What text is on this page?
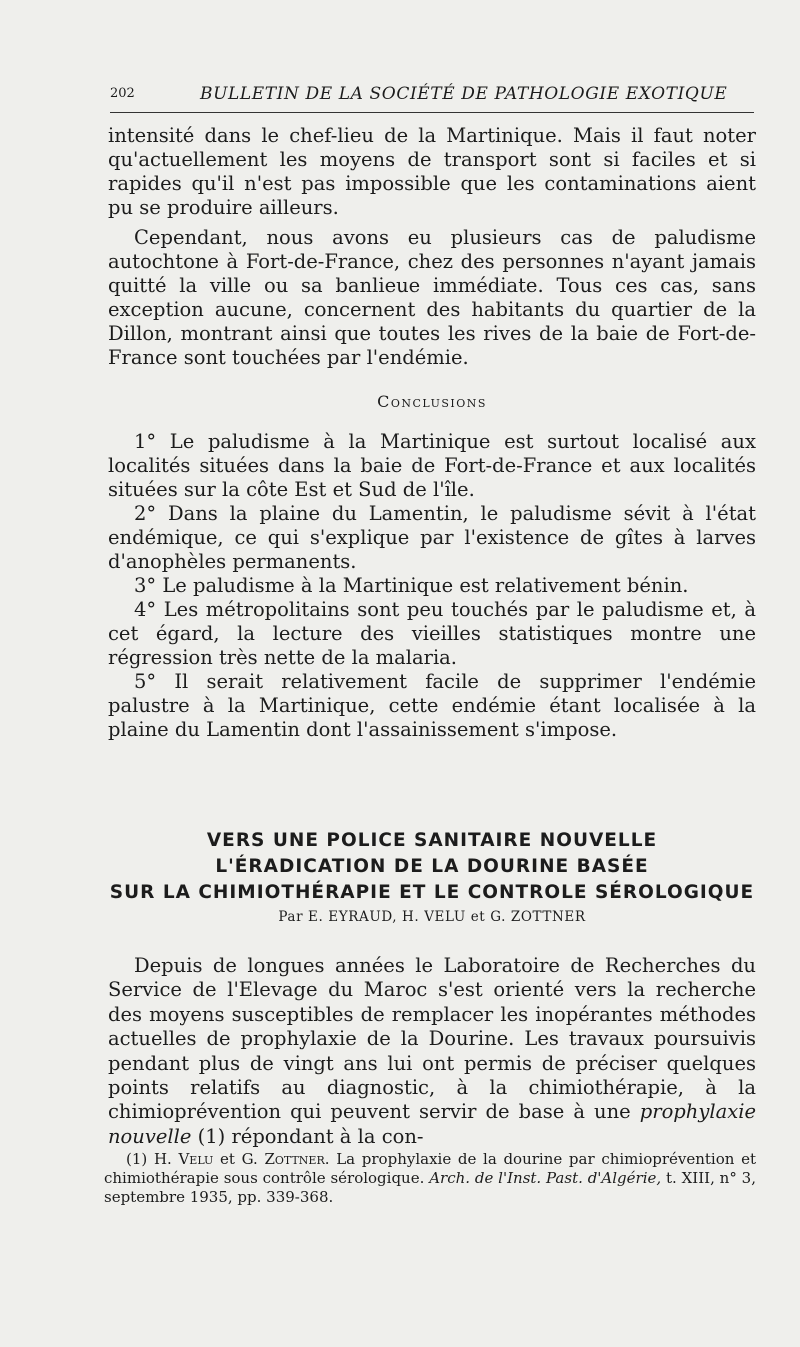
202	BULLETIN DE LA SOCIÉTÉ DE PATHOLOGIE EXOTIQUE

intensité dans le chef-lieu de la Martinique. Mais il faut noter qu'actuellement les moyens de transport sont si faciles et si rapides qu'il n'est pas impossible que les contaminations aient pu se produire ailleurs.

Cependant, nous avons eu plusieurs cas de paludisme autochtone à Fort-de-France, chez des personnes n'ayant jamais quitté la ville ou sa banlieue immédiate. Tous ces cas, sans exception aucune, concernent des habitants du quartier de la Dillon, montrant ainsi que toutes les rives de la baie de Fort-de-France sont touchées par l'endémie.

Conclusions

1° Le paludisme à la Martinique est surtout localisé aux localités situées dans la baie de Fort-de-France et aux localités situées sur la côte Est et Sud de l'île.

2° Dans la plaine du Lamentin, le paludisme sévit à l'état endémique, ce qui s'explique par l'existence de gîtes à larves d'anophèles permanents.

3° Le paludisme à la Martinique est relativement bénin.

4° Les métropolitains sont peu touchés par le paludisme et, à cet égard, la lecture des vieilles statistiques montre une régression très nette de la malaria.

5° Il serait relativement facile de supprimer l'endémie palustre à la Martinique, cette endémie étant localisée à la plaine du Lamentin dont l'assainissement s'impose.

VERS UNE POLICE SANITAIRE NOUVELLE
L'ÉRADICATION DE LA DOURINE BASÉE
SUR LA CHIMIOTHÉRAPIE ET LE CONTROLE SÉROLOGIQUE
Par E. EYRAUD, H. VELU et G. ZOTTNER

Depuis de longues années le Laboratoire de Recherches du Service de l'Elevage du Maroc s'est orienté vers la recherche des moyens susceptibles de remplacer les inopérantes méthodes actuelles de prophylaxie de la Dourine. Les travaux poursuivis pendant plus de vingt ans lui ont permis de préciser quelques points relatifs au diagnostic, à la chimiothérapie, à la chimioprévention qui peuvent servir de base à une prophylaxie nouvelle (1) répondant à la con-

(1) H. Velu et G. Zottner. La prophylaxie de la dourine par chimioprévention et chimiothérapie sous contrôle sérologique. Arch. de l'Inst. Past. d'Algérie, t. XIII, n° 3, septembre 1935, pp. 339-368.
